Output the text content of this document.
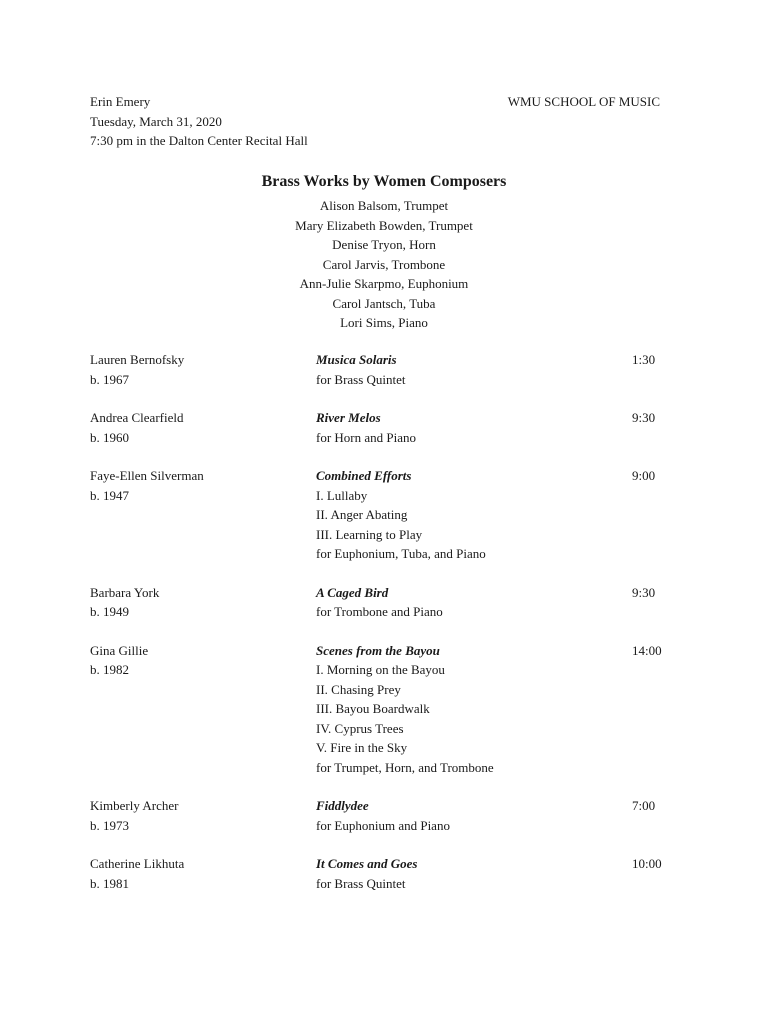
Erin Emery
Tuesday, March 31, 2020
7:30 pm in the Dalton Center Recital Hall
WMU SCHOOL OF MUSIC
Brass Works by Women Composers
Alison Balsom, Trumpet
Mary Elizabeth Bowden, Trumpet
Denise Tryon, Horn
Carol Jarvis, Trombone
Ann-Julie Skarpmo, Euphonium
Carol Jantsch, Tuba
Lori Sims, Piano
Lauren Bernofsky	Musica Solaris	1:30
b. 1967	for Brass Quintet
Andrea Clearfield	River Melos	9:30
b. 1960	for Horn and Piano
Faye-Ellen Silverman	Combined Efforts	9:00
b. 1947	I. Lullaby
II. Anger Abating
III. Learning to Play
for Euphonium, Tuba, and Piano
Barbara York	A Caged Bird	9:30
b. 1949	for Trombone and Piano
Gina Gillie	Scenes from the Bayou	14:00
b. 1982	I. Morning on the Bayou
II. Chasing Prey
III. Bayou Boardwalk
IV. Cyprus Trees
V. Fire in the Sky
for Trumpet, Horn, and Trombone
Kimberly Archer	Fiddlydee	7:00
b. 1973	for Euphonium and Piano
Catherine Likhuta	It Comes and Goes	10:00
b. 1981	for Brass Quintet
